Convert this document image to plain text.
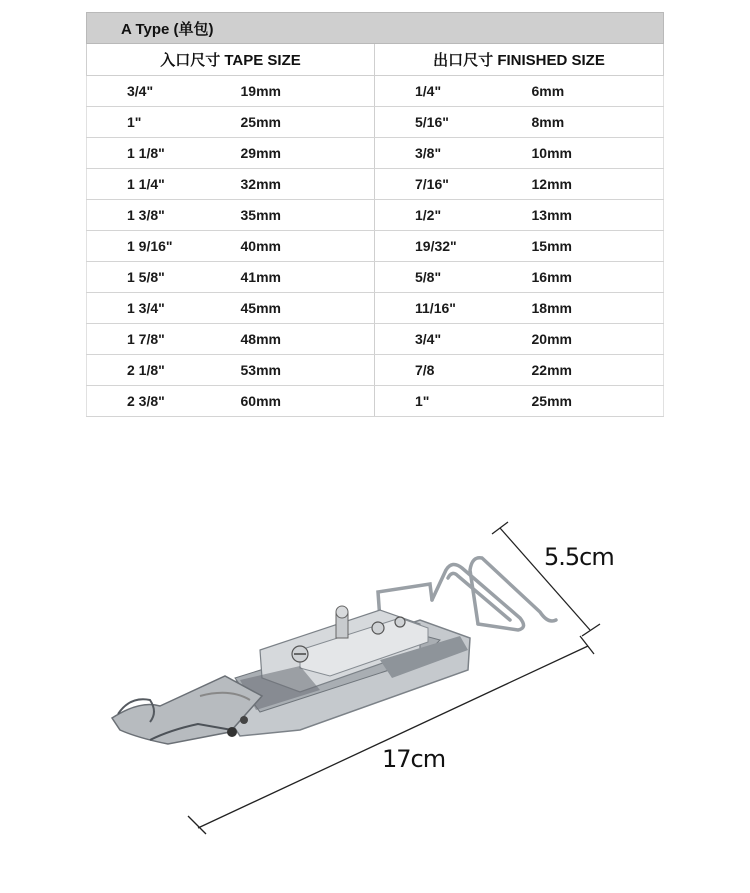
A Type (单包)			
入口尺寸 TAPE SIZE		出口尺寸 FINISHED SIZE	
3/4"	19mm	1/4"	6mm
1"	25mm	5/16"	8mm
1 1/8"	29mm	3/8"	10mm
1 1/4"	32mm	7/16"	12mm
1 3/8"	35mm	1/2"	13mm
1 9/16"	40mm	19/32"	15mm
1 5/8"	41mm	5/8"	16mm
1 3/4"	45mm	11/16"	18mm
1 7/8"	48mm	3/4"	20mm
2 1/8"	53mm	7/8	22mm
2 3/8"	60mm	1"	25mm
5.5cm
17cm
